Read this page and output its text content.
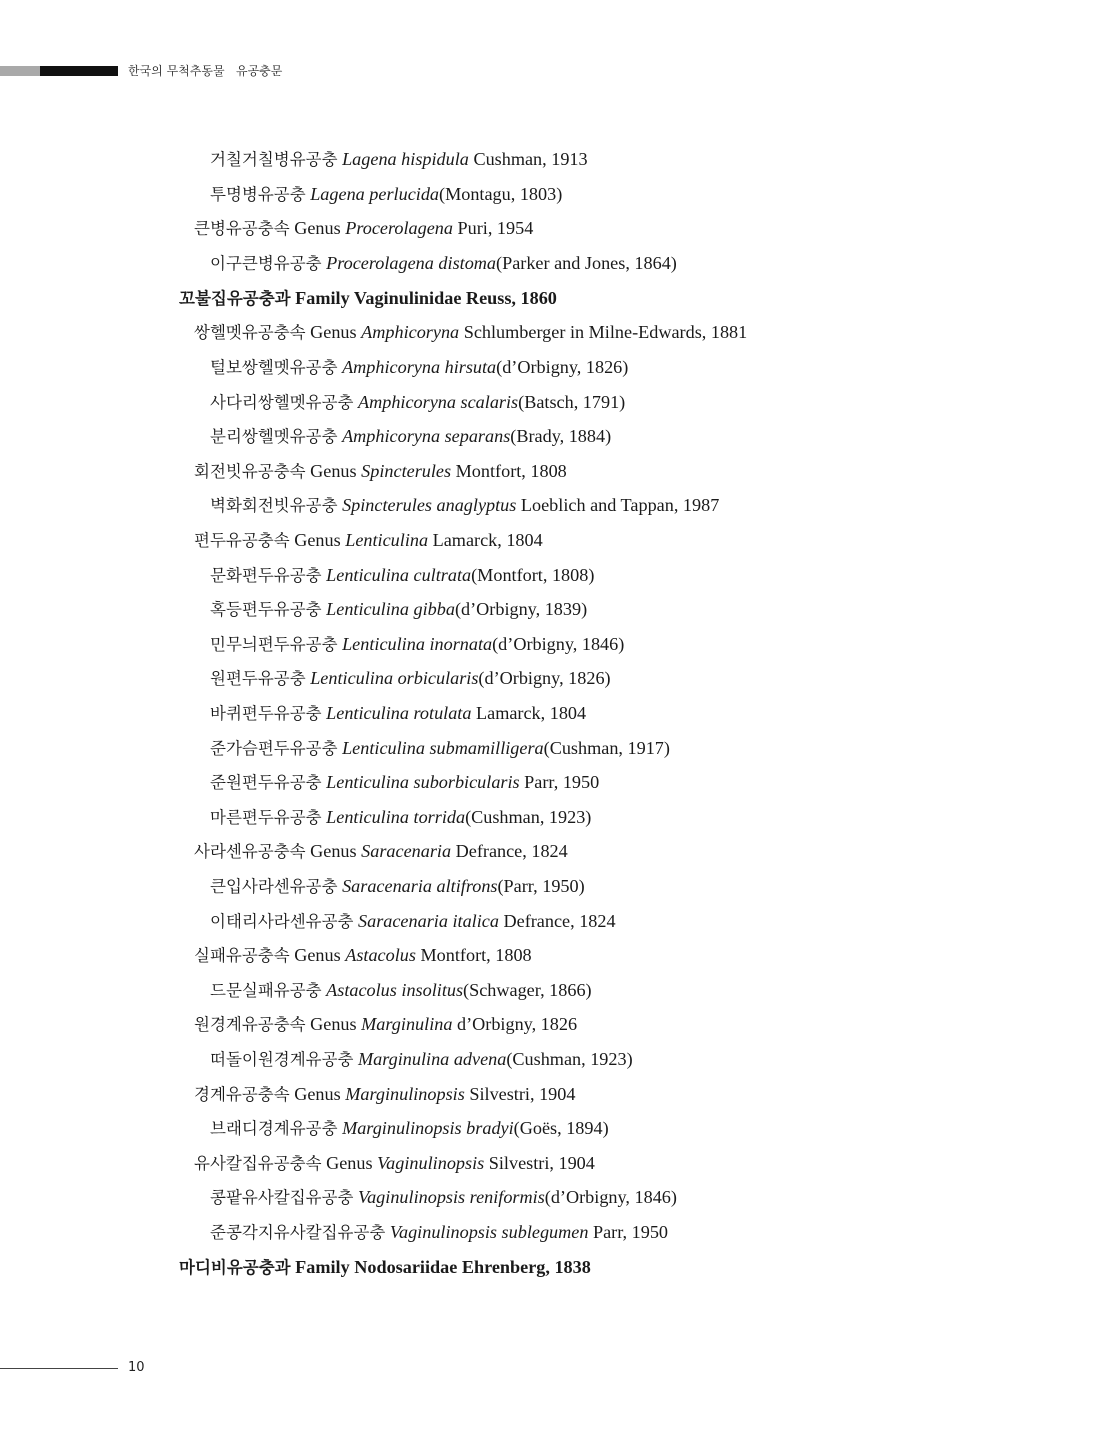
한국의 무척추동물   유공충문
거칠거칠병유공충 Lagena hispidula Cushman, 1913
투명병유공충 Lagena perlucida(Montagu, 1803)
큰병유공충속 Genus Procerolagena Puri, 1954
이구큰병유공충 Procerolagena distoma(Parker and Jones, 1864)
꼬불집유공충과 Family Vaginulinidae Reuss, 1860
쌍헬멧유공충속 Genus Amphicoryna Schlumberger in Milne-Edwards, 1881
털보쌍헬멧유공충 Amphicoryna hirsuta(d’Orbigny, 1826)
사다리쌍헬멧유공충 Amphicoryna scalaris(Batsch, 1791)
분리쌍헬멧유공충 Amphicoryna separans(Brady, 1884)
회전빗유공충속 Genus Spincterules Montfort, 1808
벽화회전빗유공충 Spincterules anaglyptus Loeblich and Tappan, 1987
편두유공충속 Genus Lenticulina Lamarck, 1804
문화편두유공충 Lenticulina cultrata(Montfort, 1808)
혹등편두유공충 Lenticulina gibba(d’Orbigny, 1839)
민무늬편두유공충 Lenticulina inornata(d’Orbigny, 1846)
원편두유공충 Lenticulina orbicularis(d’Orbigny, 1826)
바퀴편두유공충 Lenticulina rotulata Lamarck, 1804
준가슴편두유공충 Lenticulina submamilligera(Cushman, 1917)
준원편두유공충 Lenticulina suborbicularis Parr, 1950
마른편두유공충 Lenticulina torrida(Cushman, 1923)
사라센유공충속 Genus Saracenaria Defrance, 1824
큰입사라센유공충 Saracenaria altifrons(Parr, 1950)
이태리사라센유공충 Saracenaria italica Defrance, 1824
실패유공충속 Genus Astacolus Montfort, 1808
드문실패유공충 Astacolus insolitus(Schwager, 1866)
원경계유공충속 Genus Marginulina d’Orbigny, 1826
떠돌이원경계유공충 Marginulina advena(Cushman, 1923)
경계유공충속 Genus Marginulinopsis Silvestri, 1904
브래디경계유공충 Marginulinopsis bradyi(Goës, 1894)
유사칼집유공충속 Genus Vaginulinopsis Silvestri, 1904
콩팥유사칼집유공충 Vaginulinopsis reniformis(d’Orbigny, 1846)
준콩각지유사칼집유공충 Vaginulinopsis sublegumen Parr, 1950
마디비유공충과 Family Nodosariidae Ehrenberg, 1838
10
